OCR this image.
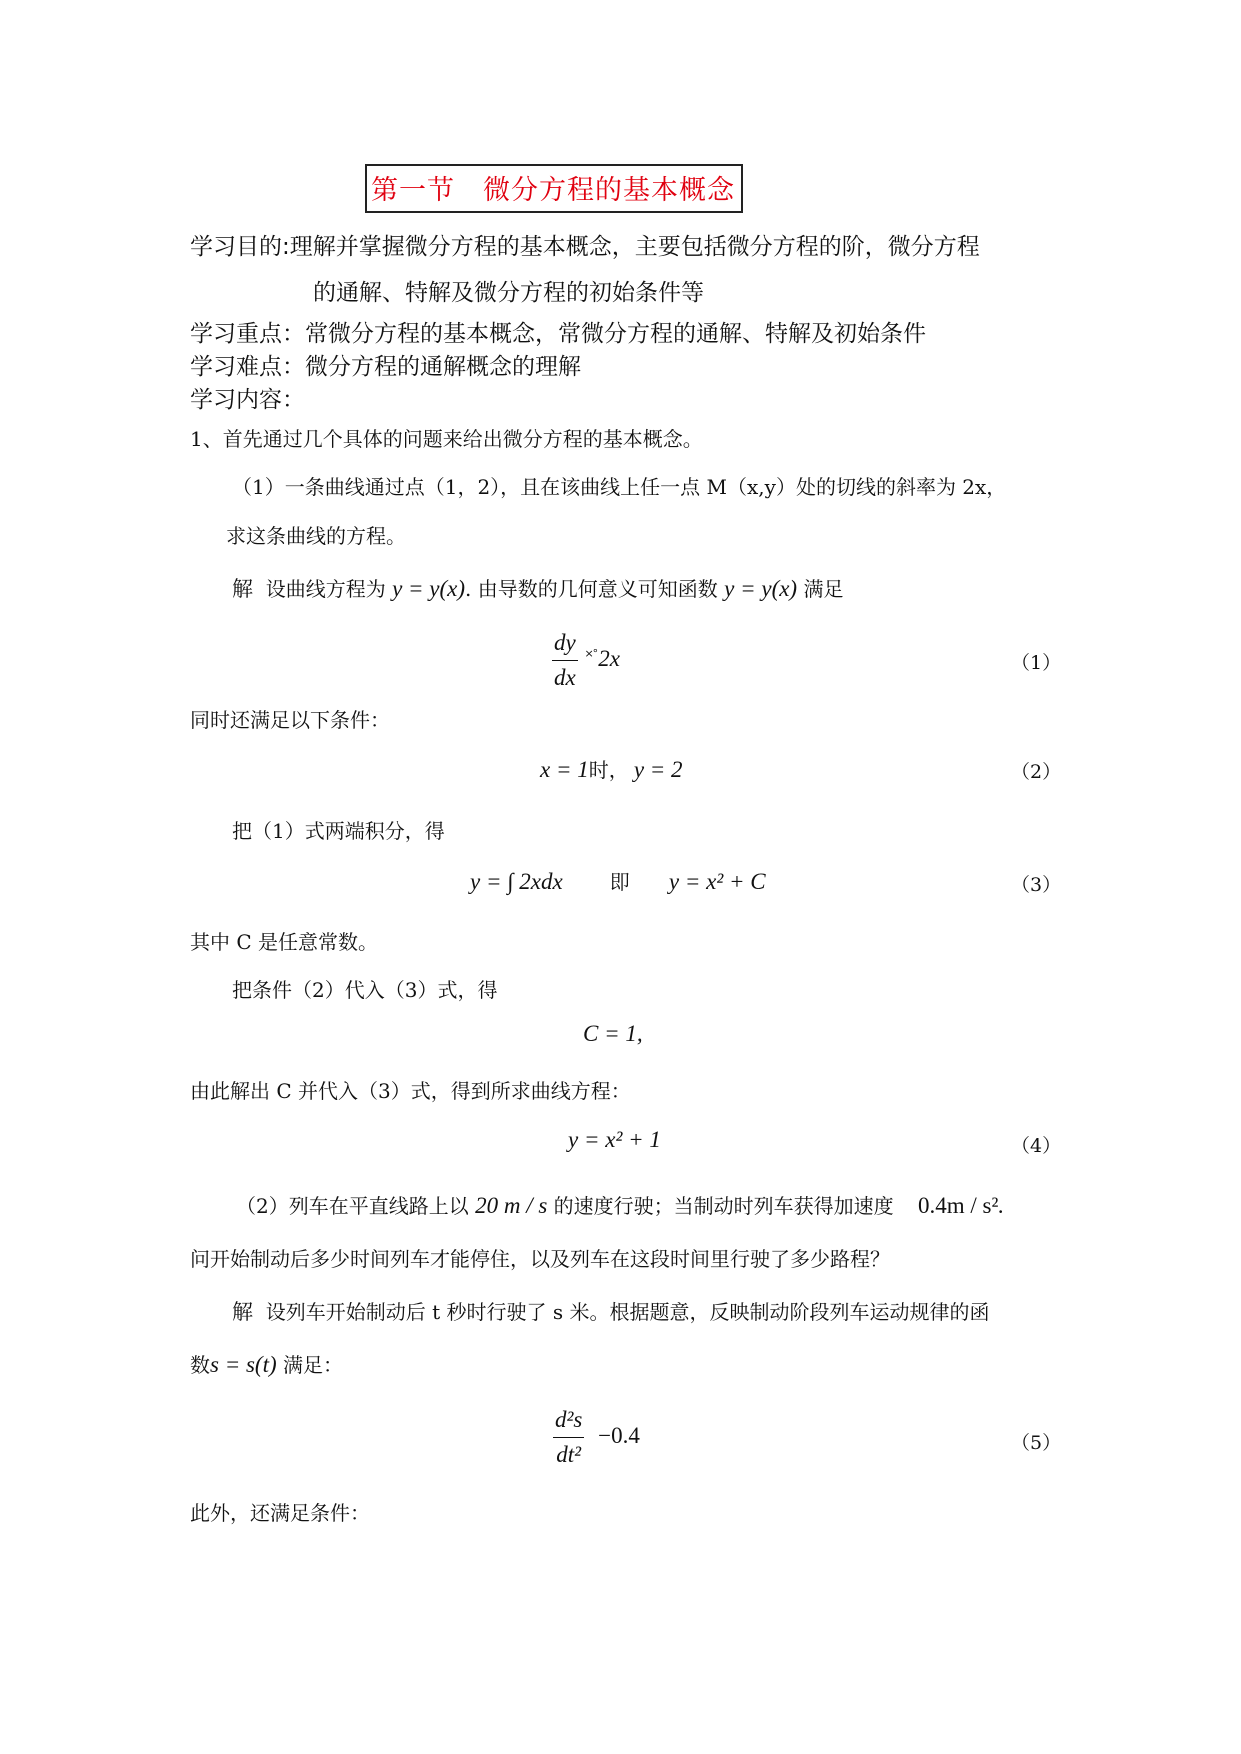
第一节　微分方程的基本概念
学习目的:理解并掌握微分方程的基本概念，主要包括微分方程的阶，微分方程
的通解、特解及微分方程的初始条件等
学习重点：常微分方程的基本概念，常微分方程的通解、特解及初始条件
学习难点：微分方程的通解概念的理解
学习内容：
1、首先通过几个具体的问题来给出微分方程的基本概念。
（1）一条曲线通过点（1，2），且在该曲线上任一点 M（x,y）处的切线的斜率为 2x，
求这条曲线的方程。
解 设曲线方程为 y = y(x). 由导数的几何意义可知函数 y = y(x) 满足
$\frac{dy}{dx} ^{\times^\circ}2x$	（1）
同时还满足以下条件：
x = 1时， y = 2	（2）
把（1）式两端积分，得
y = ∫ 2xdx 即 y = x² + C	（3）
其中 C 是任意常数。
把条件（2）代入（3）式，得
C = 1,
由此解出 C 并代入（3）式，得到所求曲线方程：
y = x² + 1	（4）
（2）列车在平直线路上以 20 m / s 的速度行驶；当制动时列车获得加速度 0.4m / s².
问开始制动后多少时间列车才能停住，以及列车在这段时间里行驶了多少路程？
解 设列车开始制动后 t 秒时行驶了 s 米。根据题意，反映制动阶段列车运动规律的函
数s = s(t) 满足：
$\frac{\text{d²s}}{\text{dt²}} -0.4$	（5）
此外，还满足条件：
